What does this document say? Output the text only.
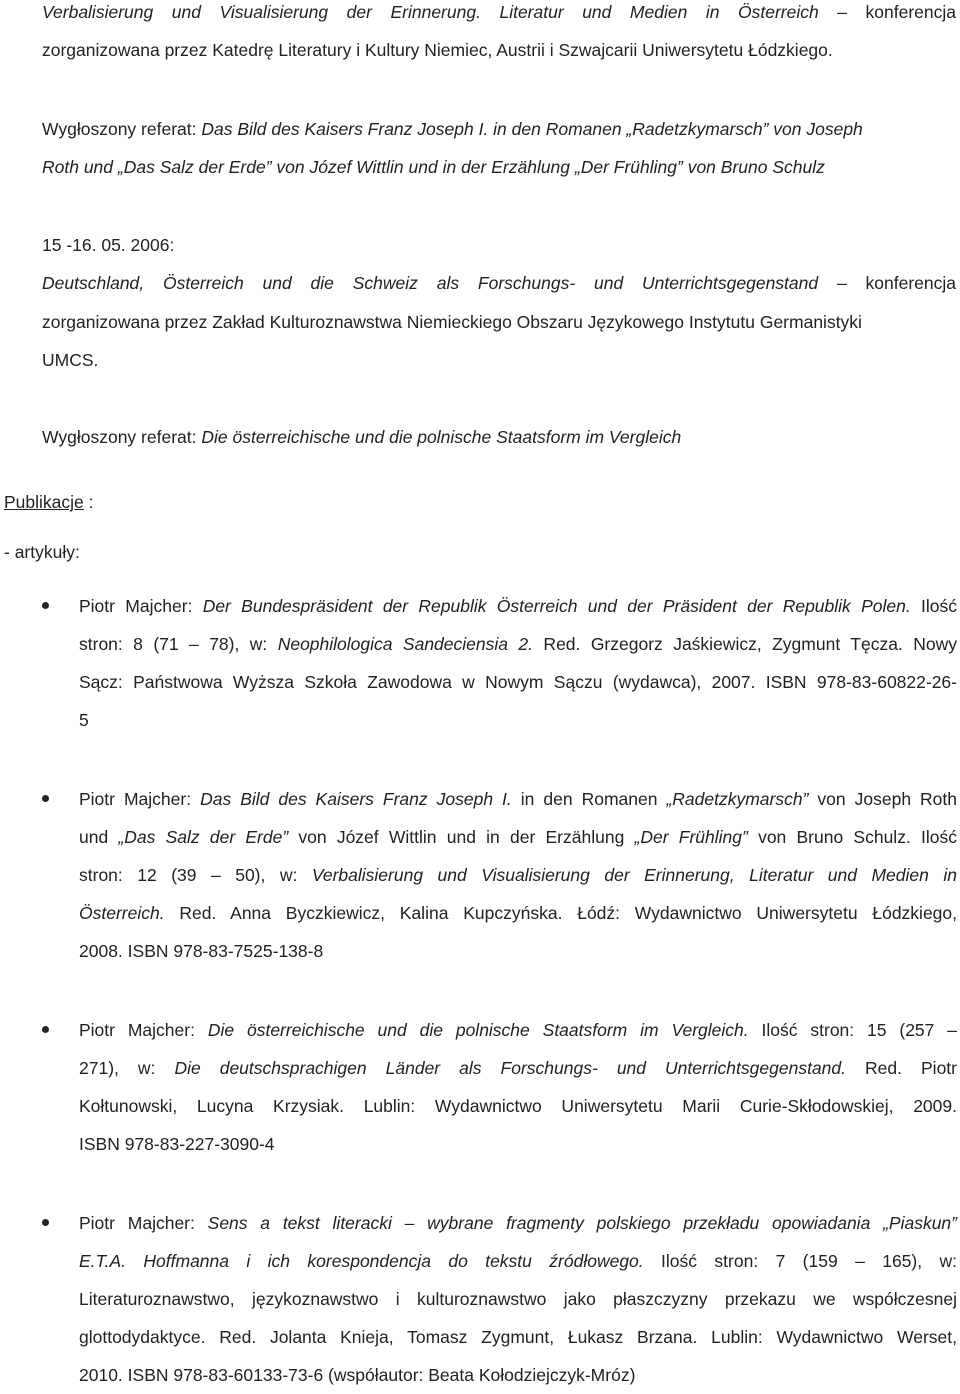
Verbalisierung und Visualisierung der Erinnerung. Literatur und Medien in Österreich – konferencja
zorganizowana przez Katedrę Literatury i Kultury Niemiec, Austrii i Szwajcarii Uniwersytetu Łódzkiego.
Wygłoszony referat: Das Bild des Kaisers Franz Joseph I. in den Romanen „Radetzkymarsch” von Joseph
Roth und „Das Salz der Erde” von Józef Wittlin und in der Erzählung „Der Frühling” von Bruno Schulz
15 -16. 05. 2006:
Deutschland, Österreich und die Schweiz als Forschungs- und Unterrichtsgegenstand – konferencja
zorganizowana przez Zakład Kulturoznawstwa Niemieckiego Obszaru Językowego Instytutu Germanistyki
UMCS.
Wygłoszony referat: Die österreichische und die polnische Staatsform im Vergleich
Publikacje :
- artykuły:
Piotr Majcher: Der Bundespräsident der Republik Österreich und der Präsident der Republik Polen. Ilość
stron: 8 (71 – 78), w: Neophilologica Sandeciensia 2. Red. Grzegorz Jaśkiewicz, Zygmunt Tęcza. Nowy
Sącz: Państwowa Wyższa Szkoła Zawodowa w Nowym Sączu (wydawca), 2007. ISBN 978-83-60822-26-
5
Piotr Majcher: Das Bild des Kaisers Franz Joseph I. in den Romanen „Radetzkymarsch” von Joseph Roth
und „Das Salz der Erde” von Józef Wittlin und in der Erzählung „Der Frühling” von Bruno Schulz. Ilość
stron: 12 (39 – 50), w: Verbalisierung und Visualisierung der Erinnerung, Literatur und Medien in
Österreich. Red. Anna Byczkiewicz, Kalina Kupczyńska. Łódź: Wydawnictwo Uniwersytetu Łódzkiego,
2008. ISBN 978-83-7525-138-8
Piotr Majcher: Die österreichische und die polnische Staatsform im Vergleich. Ilość stron: 15 (257 –
271), w: Die deutschsprachigen Länder als Forschungs- und Unterrichtsgegenstand. Red. Piotr
Kołtunowski, Lucyna Krzysiak. Lublin: Wydawnictwo Uniwersytetu Marii Curie-Skłodowskiej, 2009.
ISBN 978-83-227-3090-4
Piotr Majcher: Sens a tekst literacki – wybrane fragmenty polskiego przekładu opowiadania „Piaskun”
E.T.A. Hoffmanna i ich korespondencja do tekstu źródłowego. Ilość stron: 7 (159 – 165), w:
Literaturoznawstwo, językoznawstwo i kulturoznawstwo jako płaszczyzny przekazu we współczesnej
glottodydaktyce. Red. Jolanta Knieja, Tomasz Zygmunt, Łukasz Brzana. Lublin: Wydawnictwo Werset,
2010. ISBN 978-83-60133-73-6 (współautor: Beata Kołodziejczyk-Mróz)
